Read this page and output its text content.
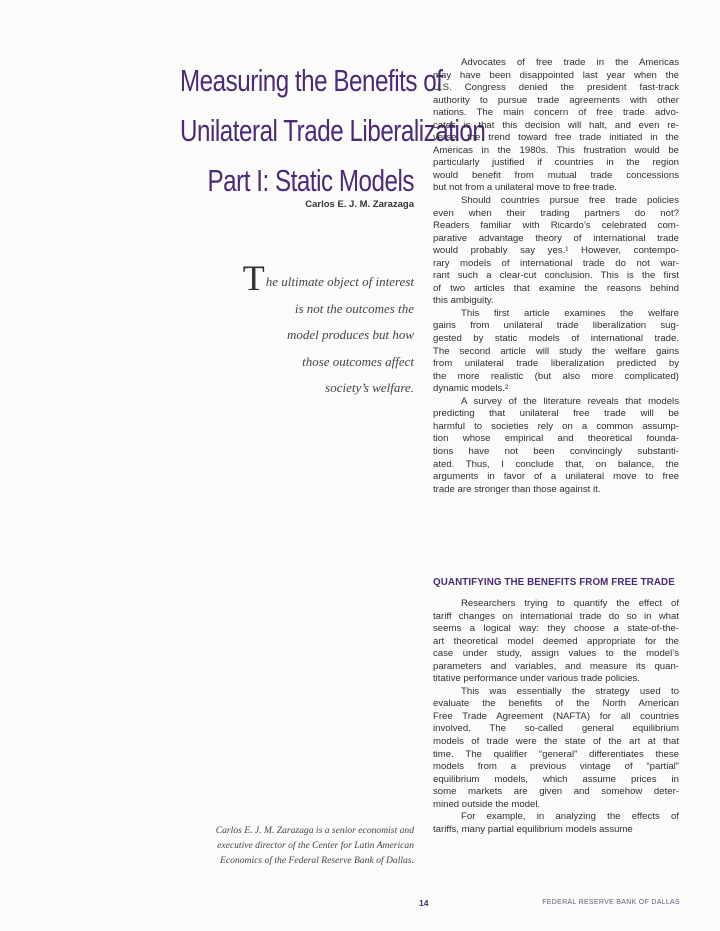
Measuring the Benefits of
Unilateral Trade Liberalization
Part I: Static Models
Carlos E. J. M. Zarazaga
The ultimate object of interest
is not the outcomes the
model produces but how
those outcomes affect
society’s welfare.
Carlos E. J. M. Zarazaga is a senior economist and
executive director of the Center for Latin American
Economics of the Federal Reserve Bank of Dallas.
Advocates of free trade in the Americas
may have been disappointed last year when the
U.S. Congress denied the president fast-track
authority to pursue trade agreements with other
nations. The main concern of free trade advo-
cates is that this decision will halt, and even re-
verse, the trend toward free trade initiated in the
Americas in the 1980s. This frustration would be
particularly justified if countries in the region
would benefit from mutual trade concessions
but not from a unilateral move to free trade.
Should countries pursue free trade policies
even when their trading partners do not?
Readers familiar with Ricardo’s celebrated com-
parative advantage theory of international trade
would probably say yes.¹ However, contempo-
rary models of international trade do not war-
rant such a clear-cut conclusion. This is the first
of two articles that examine the reasons behind
this ambiguity.
This first article examines the welfare
gains from unilateral trade liberalization sug-
gested by static models of international trade.
The second article will study the welfare gains
from unilateral trade liberalization predicted by
the more realistic (but also more complicated)
dynamic models.²
A survey of the literature reveals that models
predicting that unilateral free trade will be
harmful to societies rely on a common assump-
tion whose empirical and theoretical founda-
tions have not been convincingly substanti-
ated. Thus, I conclude that, on balance, the
arguments in favor of a unilateral move to free
trade are stronger than those against it.
QUANTIFYING THE BENEFITS FROM FREE TRADE
Researchers trying to quantify the effect of
tariff changes on international trade do so in what
seems a logical way: they choose a state-of-the-
art theoretical model deemed appropriate for the
case under study, assign values to the model’s
parameters and variables, and measure its quan-
titative performance under various trade policies.
This was essentially the strategy used to
evaluate the benefits of the North American
Free Trade Agreement (NAFTA) for all countries
involved. The so-called general equilibrium
models of trade were the state of the art at that
time. The qualifier “general” differentiates these
models from a previous vintage of “partial”
equilibrium models, which assume prices in
some markets are given and somehow deter-
mined outside the model.
For example, in analyzing the effects of
tariffs, many partial equilibrium models assume
14	FEDERAL RESERVE BANK OF DALLAS
